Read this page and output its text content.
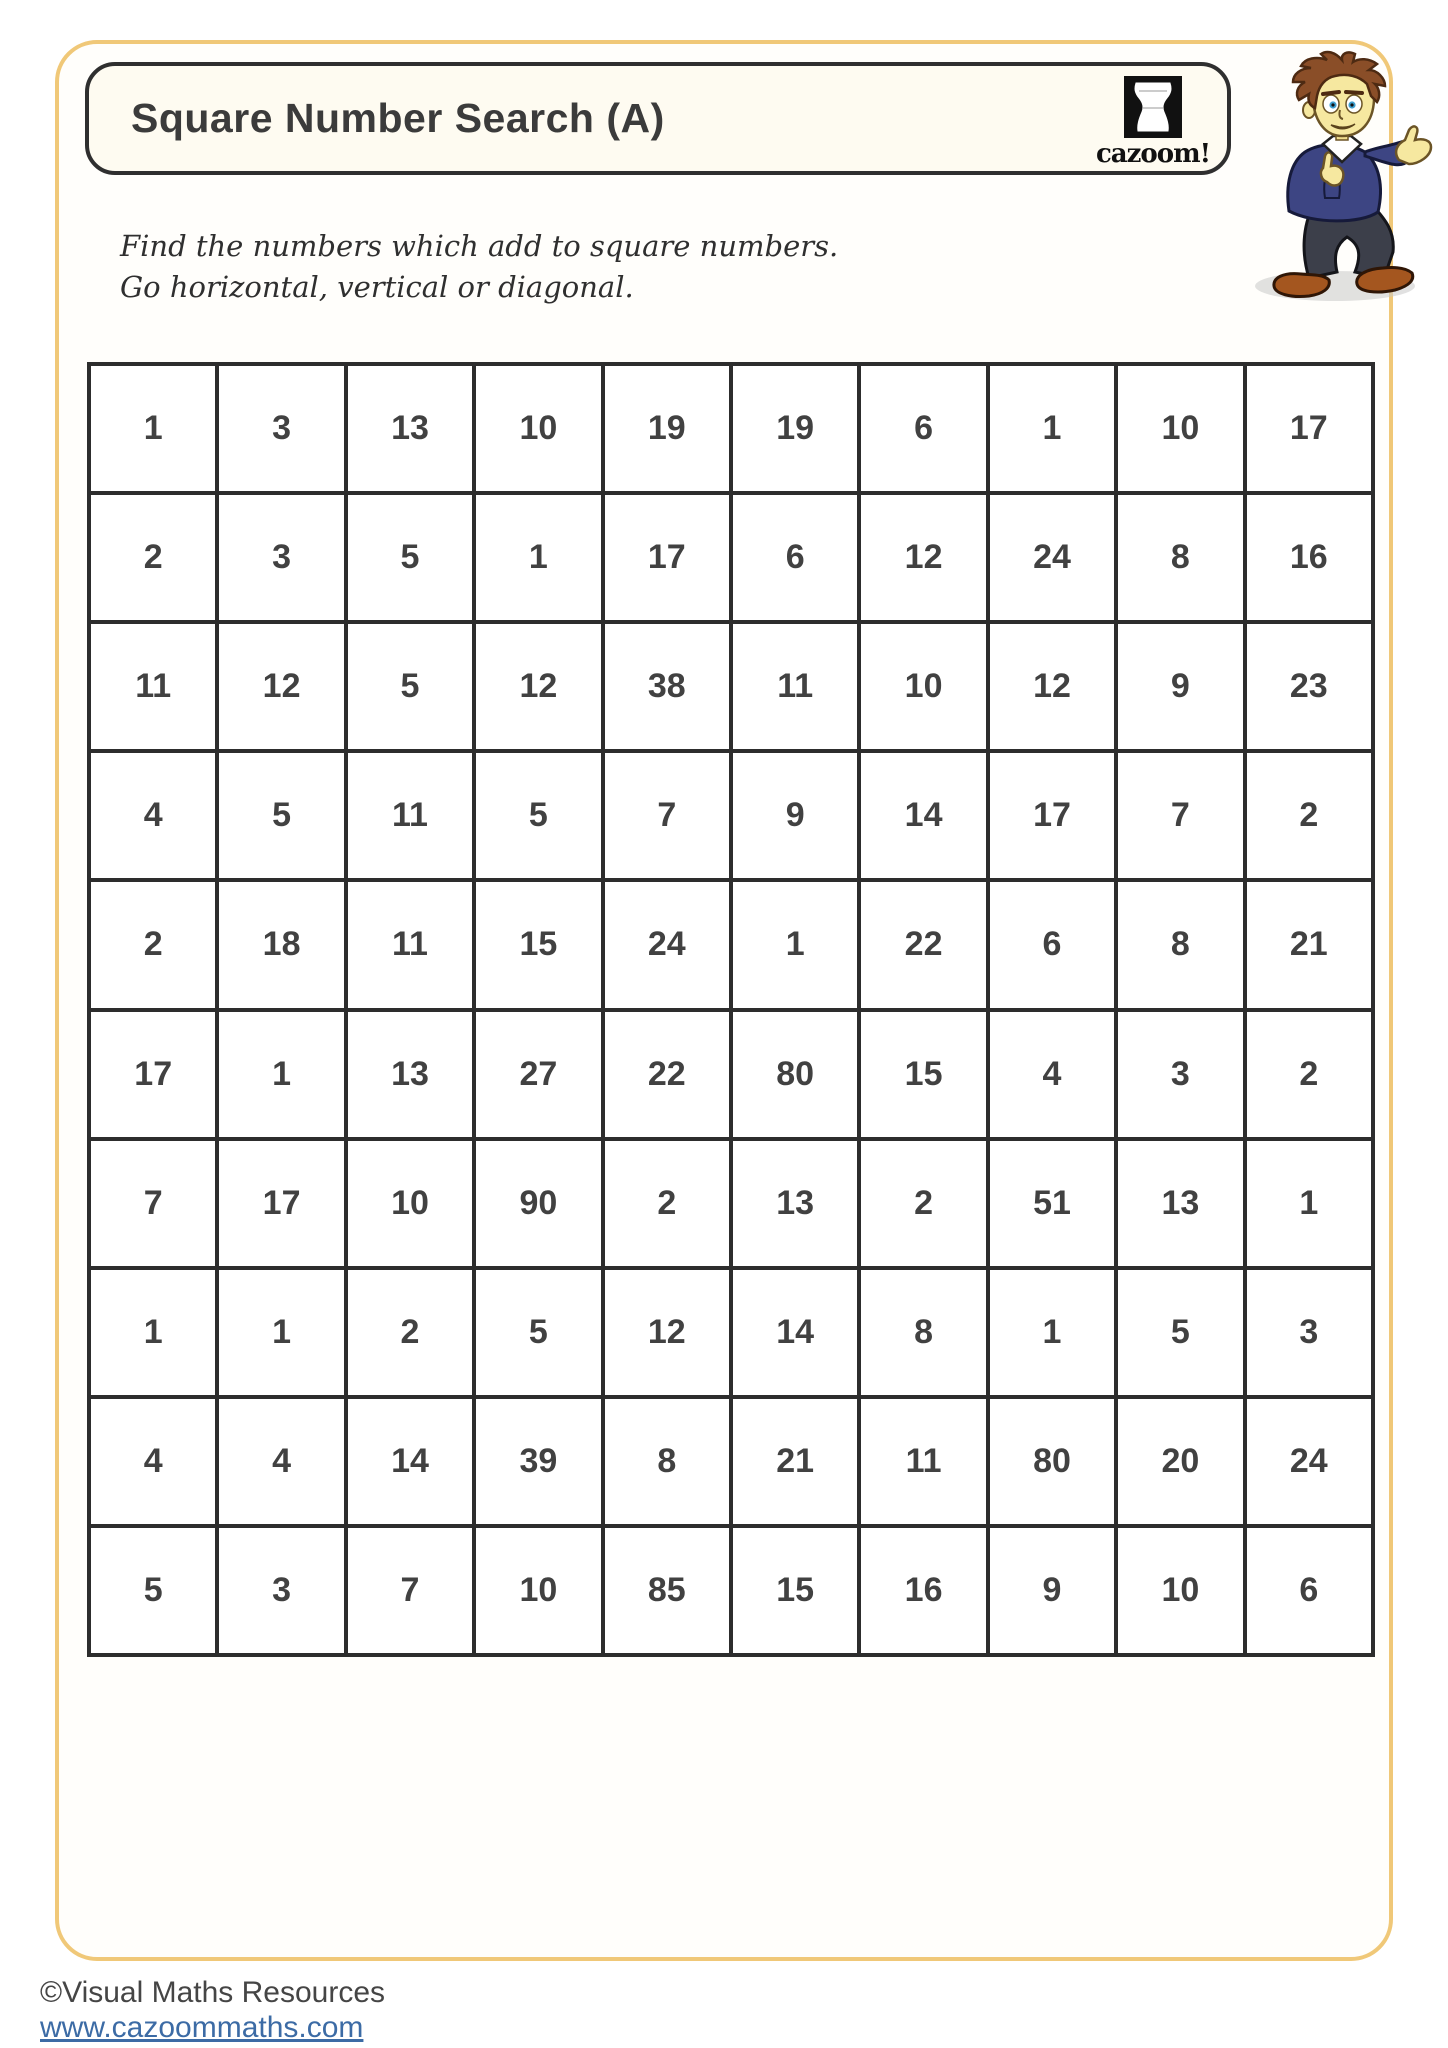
Square Number Search (A)
cazoom!
Find the numbers which add to square numbers.
Go horizontal, vertical or diagonal.
1	3	13	10	19	19	6	1	10	17
2	3	5	1	17	6	12	24	8	16
11	12	5	12	38	11	10	12	9	23
4	5	11	5	7	9	14	17	7	2
2	18	11	15	24	1	22	6	8	21
17	1	13	27	22	80	15	4	3	2
7	17	10	90	2	13	2	51	13	1
1	1	2	5	12	14	8	1	5	3
4	4	14	39	8	21	11	80	20	24
5	3	7	10	85	15	16	9	10	6
©Visual Maths Resources
www.cazoommaths.com
